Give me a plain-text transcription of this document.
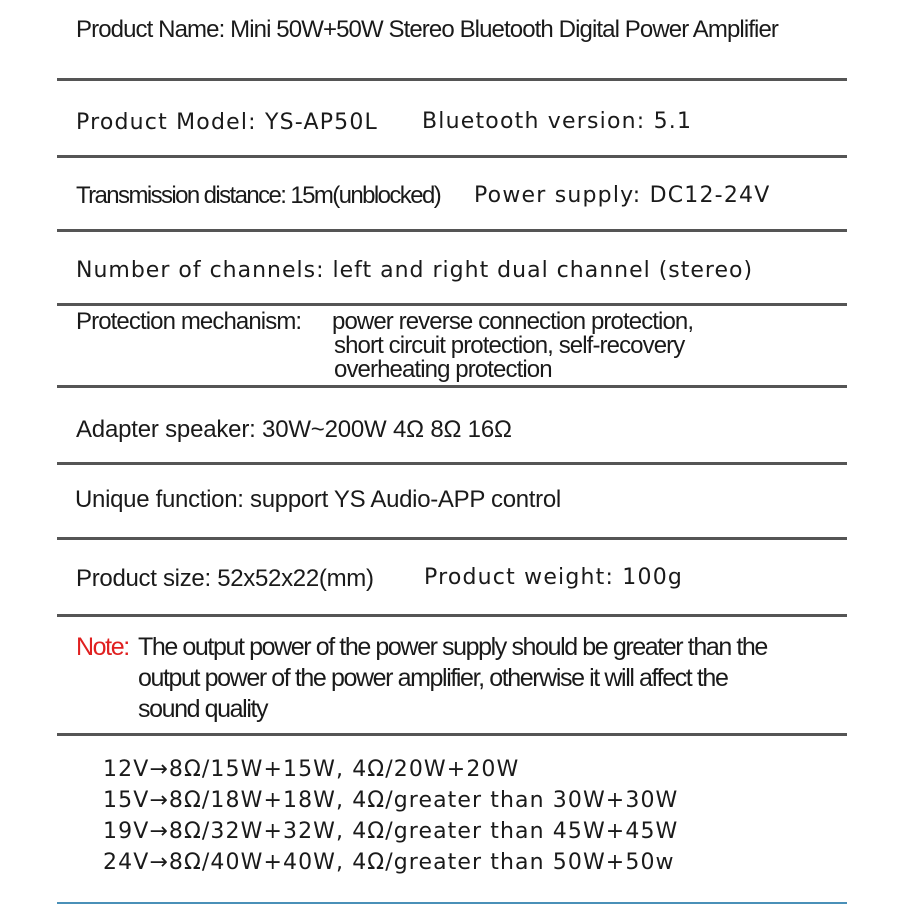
Product Name: Mini 50W+50W Stereo Bluetooth Digital Power Amplifier
Product Model: YS-AP50L Bluetooth version: 5.1
Transmission distance: 15m(unblocked) Power supply: DC12-24V
Number of channels: left and right dual channel (stereo)
Protection mechanism: power reverse connection protection,
short circuit protection, self-recovery
overheating protection
Adapter speaker: 30W~200W 4Ω 8Ω 16Ω
Unique function: support YS Audio-APP control
Product size: 52x52x22(mm) Product weight: 100g
Note: The output power of the power supply should be greater than the
output power of the power amplifier, otherwise it will affect the
sound quality
12V→8Ω/15W+15W, 4Ω/20W+20W
15V→8Ω/18W+18W, 4Ω/greater than 30W+30W
19V→8Ω/32W+32W, 4Ω/greater than 45W+45W
24V→8Ω/40W+40W, 4Ω/greater than 50W+50w
